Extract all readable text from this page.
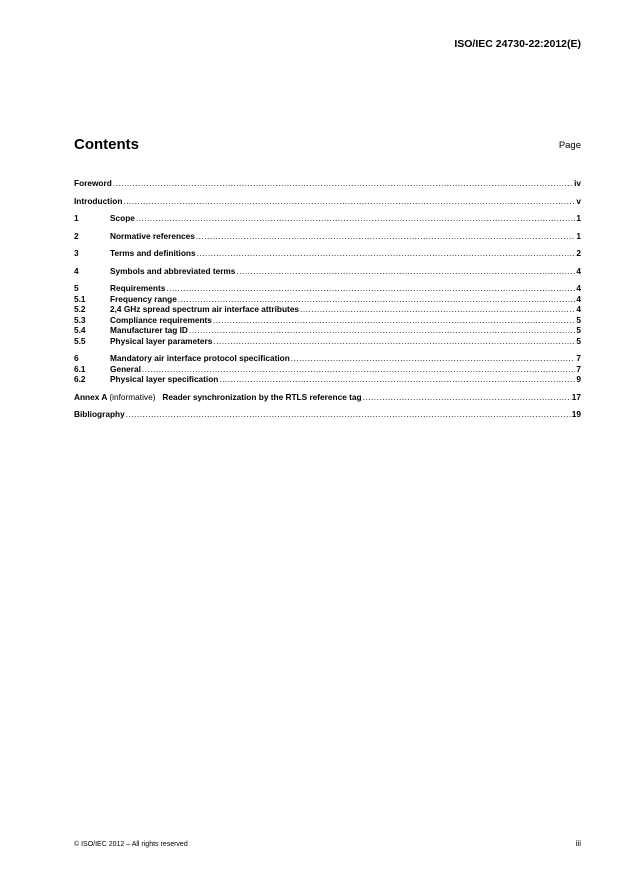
ISO/IEC 24730-22:2012(E)
Contents	Page
Foreword .....	iv
Introduction .....	v
1	Scope .....	1
2	Normative references .....	1
3	Terms and definitions .....	2
4	Symbols and abbreviated terms .....	4
5	Requirements .....	4
5.1	Frequency range .....	4
5.2	2,4 GHz spread spectrum air interface attributes .....	4
5.3	Compliance requirements .....	5
5.4	Manufacturer tag ID .....	5
5.5	Physical layer parameters .....	5
6	Mandatory air interface protocol specification .....	7
6.1	General .....	7
6.2	Physical layer specification .....	9
Annex A (informative) Reader synchronization by the RTLS reference tag .....	17
Bibliography .....	19
© ISO/IEC 2012 – All rights reserved	iii
